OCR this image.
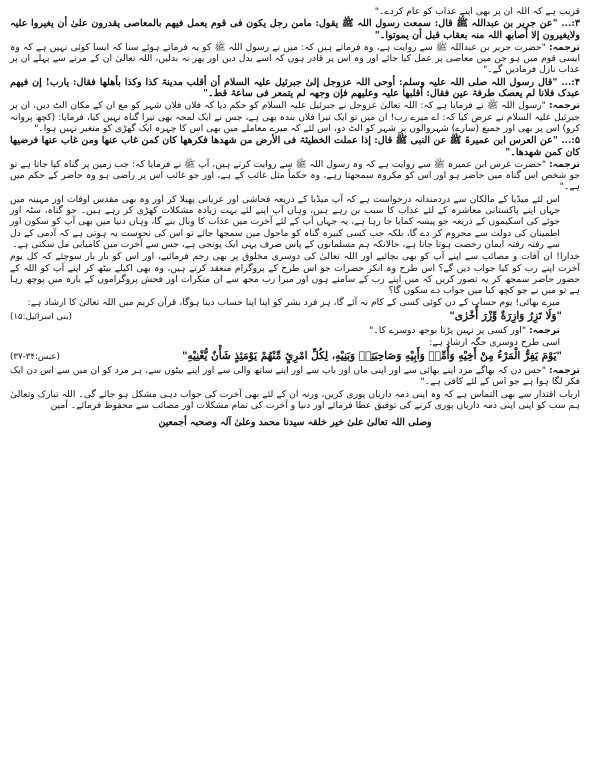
قریب ہے کہ اللہ ان پر بھی اپنے عذاب کو عام کردے۔"

۳:... "عن جریر بن عبداللہ ﷺ قال: سمعت رسول اللہ ﷺ یقول: مامن رجل یکون فی قوم یعمل فیھم بالمعاصی یقدرون علیٰ أن یغیروا علیہ ولایغیرون إلا أصابھ اللہ منہ بعقاب قبل أن یموتوا۔"

ترجمہ: "حضرت جریر بن عبداللہ ﷺ سے روایت ہے، وہ فرماتے ہیں کہ: میں نے رسول اللہ ﷺ کو یہ فرماتے ہوئے سنا کہ ایسا کوئی نہیں ہے کہ وہ ایسی قوم میں ہو جن میں معاصی پر عمل کیا جائے اور وہ اس پر قادر ہوں کہ اسے بدل دیں اور پھر نہ بدلیں، اللہ تعالیٰ ان کے مرنے سے پہلے ان پر عذاب نازل فرمادیں گے۔"

۴:... "قال رسول اللہ صلی اللہ علیہ وسلم: أوحی اللہ عزوجل إلیٰ جبرئیل علیہ السلام أن أقلب مدینۃ کذا وکذا بأھلھا فقال: یارب! إن فیھم عبدک فلانا لم یعصک طرفۃ عین فقال: أقلبھا علیہ وعلیھم فإن وجھہ لم یتمعر فی ساعۃ قط۔"

ترجمہ: "رسول اللہ ﷺ نے فرمایا ہے کہ: اللہ تعالیٰ عزوجل نے جبرئیل علیہ السلام کو حکم دیا کہ فلاں فلاں شہر کو مع ان کے مکان الٹ دیں، ان پر جبرئیل علیہ السلام نے عرض کیا کہ: اے میرے رب! ان میں تو ایک تیرا فلاں بندہ بھی ہے، جس نے ایک لمحہ بھی تیرا گناہ نہیں کیا، فرمایا: (کچھ پروانہ کرو) اس پر بھی اور جمیع (سارے) شہروالوں پر شہر کو الٹ دو، اس لئے کہ میرے معاملے میں بھی اس کا چہرہ ایک گھڑی کو متغیر نہیں ہوا۔"

۵:... "عن العرس ابن عمیرۃ ﷺ عن النبی ﷺ قال: إذا عملت الخطیئۃ فی الأرض من شھدھا فکرھھا کان کمن غاب عنھا ومن غاب عنھا فرضیھا کان کمن شھدھا۔"

ترجمہ: "حضرت عرس ابن عمیرہ ﷺ سے روایت ہے کہ وہ رسول اللہ ﷺ سے روایت کرتے ہیں، آپ ﷺ نے فرمایا کہ: جب زمین پر گناہ کیا جاتا ہے تو جو شخص اس گناہ میں حاضر ہو اور اس کو مکروہ سمجھتا رہے، وہ حکماً مثل غائب کے ہے، اور جو غائب اس پر راضی ہو وہ حاضر کے حکم میں ہے۔"

اس لئے میڈیا کے مالکان سے دردمندانہ درخواست ہے کہ آپ میڈیا کے ذریعہ فحاشی اور عریانی پھیلا کر اور وہ بھی مقدس اوقات اور مہینہ میں جہاں اپنے پاکستانی معاشرہ کے لئے عذاب کا سبب بن رہے ہیں، وہاں آپ اپنے لئے بہت زیادہ مشکلات کھڑی کر رہے ہیں۔ جو گناہ، سٹہ اور جوئے کی اسکیموں کے ذریعہ جو پیسہ کمایا جا رہا ہے، یہ جہاں آپ کے لئے آخرت میں عذاب کا وبال بنے گا، وہاں دنیا میں بھی آپ کو سکون اور اطمینان کی دولت سے محروم کر دے گا، بلکہ جب کسی کبیرہ گناہ کو ماحول میں سمجھا جائے تو اس کی نحوست یہ ہوتی ہے کہ آدمی کے دل سے رفتہ رفتہ ایمان رخصت ہوتا جاتا ہے، حالانکہ ہم مسلمانوں کے پاس صرف یہی ایک پونجی ہے، جس سے آخرت میں کامیابی مل سکتی ہے۔

خدارا! ان آفات و مصائب سے اپنے آپ کو بھی بچائیے اور اللہ تعالیٰ کی دوسری مخلوق پر بھی رحم فرمائیے، اور اس کو بار بار سوچئے کہ کل یوم آخرت اپنے رب کو کیا جواب دیں گے؟ اس طرح وہ انکر حضرات جو اس طرح کے پروگرام منعقد کرتے ہیں، وہ بھی اکیلے بیٹھ کر اپنے آپ کو اللہ کے حضور حاضر سمجھ کر یہ تصور کریں کہ میں اپنے رب کے سامنے ہوں اور میرا رب مجھ سے ان منکرات اور فحش پروگراموں کے بارہ میں پوچھ رہا ہے تو میں نے جو کچھ کیا میں جواب دے سکوں گا؟

میرے بھائی! یوم حساب کے دن کوئی کسی کے کام نہ آئے گا، ہر فرد بشر کو اپنا اپنا حساب دینا ہوگا، قرآن کریم میں اللہ تعالیٰ کا ارشاد ہے:

"وَلَا تَزِرُ وَازِرَةٌ وِّزْرَ أُخْرٰى"
(بنی اسرائیل:۱۵)

ترجمہ: "اور کسی پر نہیں پڑتا بوجھ دوسرے کا۔"

اسی طرح دوسری جگہ ارشاد ہے:

"یَوْمَ یَفِرُّ الْمَرْءُ مِنْ أَخِیْهِ وَأُمِّهٖ وَأَبِیْهِ وَصَاحِبَتِهٖ وَبَنِیْهِ، لِكُلِّ امْرِئٍ مِّنْهُمْ یَوْمَئِذٍ شَأْنٌ یُّغْنِیْهِ"
(عبس:۳۴-۳۷)

ترجمہ: "جس دن کہ بھاگے مرد اپنے بھائی سے اور اپنی ماں اور باپ سے اور اپنے ساتھ والی سے اور اپنے بیٹوں سے، ہر مرد کو ان میں سے اس دن ایک فکر لگا ہوا ہے جو اس کے لئے کافی ہے۔"

ارباب اقتدار سے بھی التماس ہے کہ وہ اپنی ذمہ داریاں پوری کریں، ورنہ ان کے لئے بھی آخرت کی جواب دہی مشکل ہو جائے گی۔ اللہ تبارک وتعالیٰ ہم سب کو اپنی اپنی ذمہ داریاں پوری کرنے کی توفیق عطا فرمائے اور دنیا و آخرت کی تمام مشکلات اور مصائب سے محفوظ فرمائے۔ آمین

وصلی اللہ تعالیٰ علیٰ خیر خلقہ سیدنا محمد وعلیٰ آلہ وصحبہ أجمعین
